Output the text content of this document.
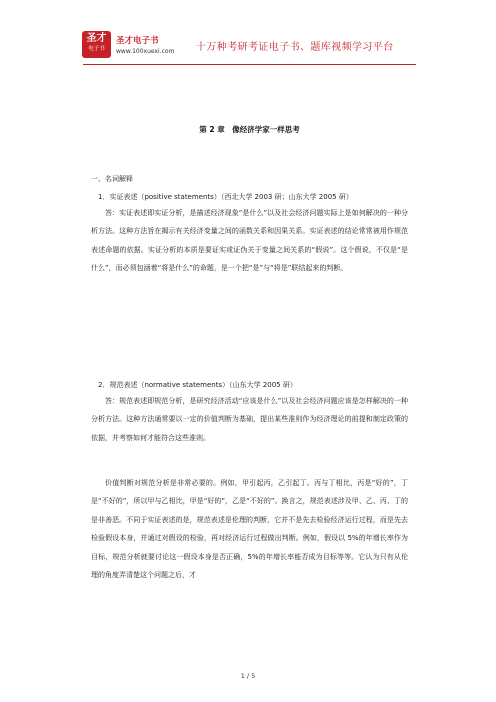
圣才
电子书
圣才电子书
www.100xuexi.com 十万种考研考证电子书、题库视频学习平台
第 2 章　像经济学家一样思考
一、名词解释
1．实证表述（positive statements）（西北大学 2003 研；山东大学 2005 研）

答：实证表述即实证分析，是描述经济现象“是什么”以及社会经济问题实际上是如何解决的一种分析方法。这种方法旨在揭示有关经济变量之间的函数关系和因果关系。实证表述的结论常常被用作规范表述命题的依据。实证分析的本质是要证实或证伪关于变量之间关系的“假说”。这个假说，不仅是“是什么”，而必须包涵着“将是什么”的命题，是一个把“是”与“将是”联结起来的判断。

2．规范表述（normative statements）（山东大学 2005 研）

答：规范表述即规范分析，是研究经济活动“应该是什么”以及社会经济问题应该是怎样解决的一种分析方法。这种方法通常要以一定的价值判断为基础，提出某些准则作为经济理论的前提和制定政策的依据，并考察如何才能符合这些准则。

价值判断对规范分析是非常必要的。例如，甲引起丙，乙引起丁。丙与丁相比，丙是“好的”，丁是“不好的”，所以甲与乙相比，甲是“好的”，乙是“不好的”。换言之，规范表述涉及甲、乙、丙、丁的是非善恶。不同于实证表述的是，规范表述是伦理的判断，它并不是先去检验经济运行过程，而是先去检验假设本身，并通过对假设的检验，再对经济运行过程做出判断。例如，假设以 5%的年增长率作为目标，规范分析就要讨论这一假设本身是否正确，5%的年增长率能否成为目标等等。它认为只有从伦理的角度弄清楚这个问题之后，才

1 / 5
